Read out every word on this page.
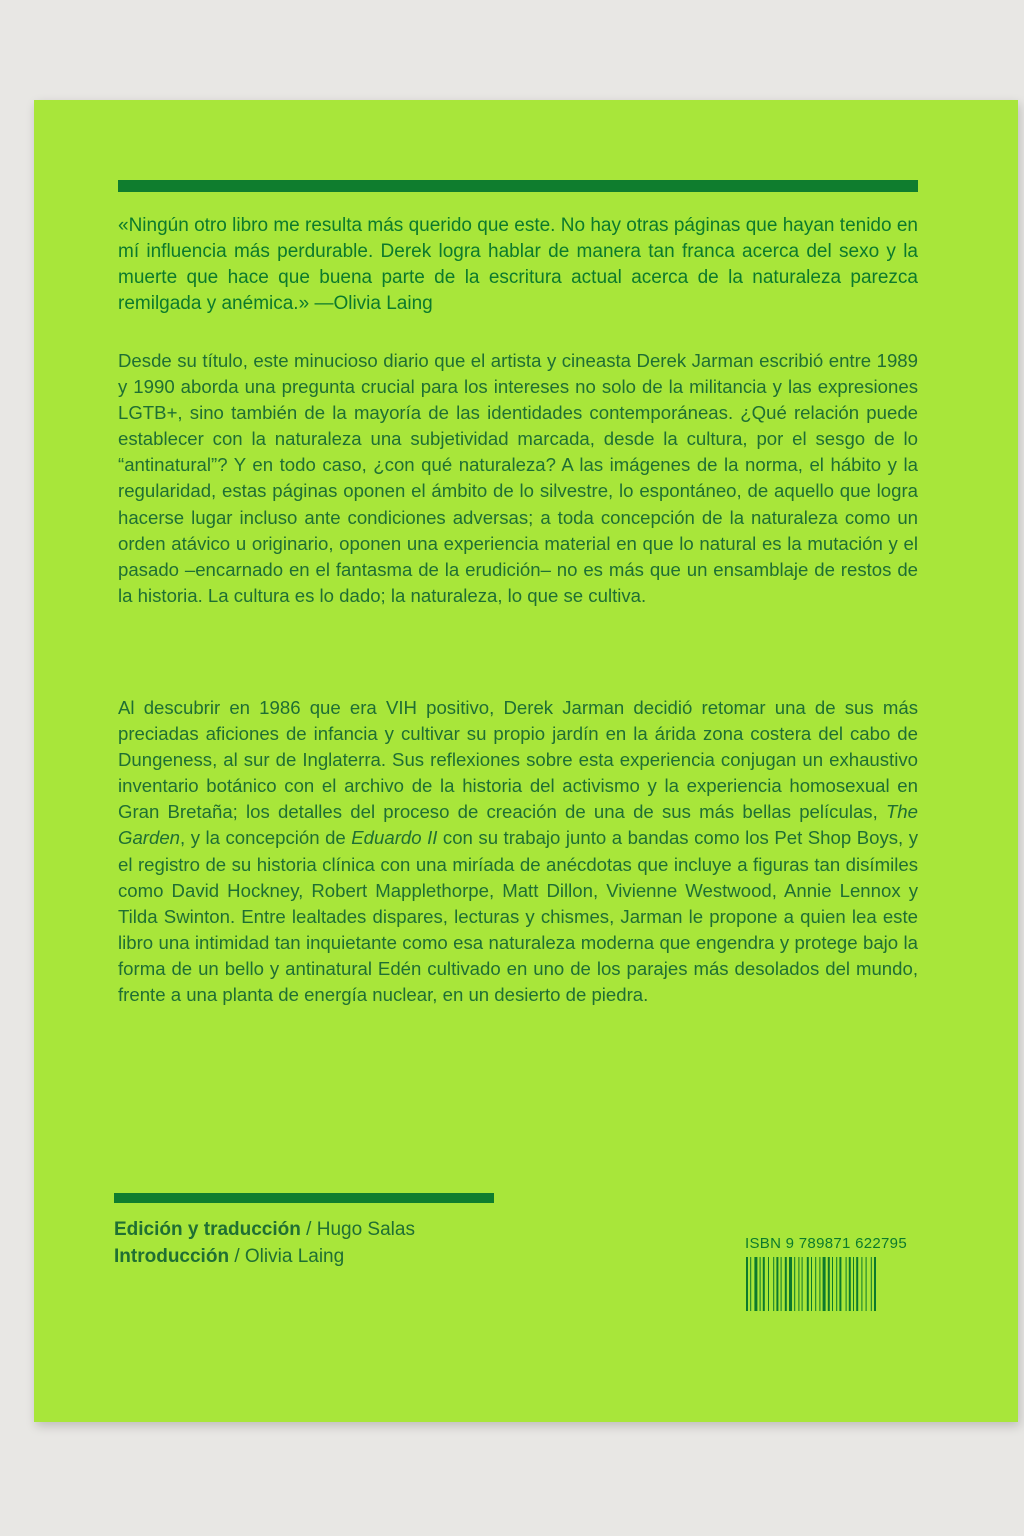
«Ningún otro libro me resulta más querido que este. No hay otras páginas que hayan tenido en mí influencia más perdurable. Derek logra hablar de manera tan franca acerca del sexo y la muerte que hace que buena parte de la escritura actual acerca de la naturaleza parezca remilgada y anémica.» —Olivia Laing

Desde su título, este minucioso diario que el artista y cineasta Derek Jarman escribió entre 1989 y 1990 aborda una pregunta crucial para los intereses no solo de la militancia y las expresiones LGTB+, sino también de la mayoría de las identidades contemporáneas. ¿Qué relación puede establecer con la naturaleza una subjetividad marcada, desde la cultura, por el sesgo de lo “antinatural”? Y en todo caso, ¿con qué naturaleza? A las imágenes de la norma, el hábito y la regularidad, estas páginas oponen el ámbito de lo silvestre, lo espontáneo, de aquello que logra hacerse lugar incluso ante condiciones adversas; a toda concepción de la naturaleza como un orden atávico u originario, oponen una experiencia material en que lo natural es la mutación y el pasado –encarnado en el fantasma de la erudición– no es más que un ensamblaje de restos de la historia. La cultura es lo dado; la naturaleza, lo que se cultiva.

Al descubrir en 1986 que era VIH positivo, Derek Jarman decidió retomar una de sus más preciadas aficiones de infancia y cultivar su propio jardín en la árida zona costera del cabo de Dungeness, al sur de Inglaterra. Sus reflexiones sobre esta experiencia conjugan un exhaustivo inventario botánico con el archivo de la historia del activismo y la experiencia homosexual en Gran Bretaña; los detalles del proceso de creación de una de sus más bellas películas, The Garden, y la concepción de Eduardo II con su trabajo junto a bandas como los Pet Shop Boys, y el registro de su historia clínica con una miríada de anécdotas que incluye a figuras tan disímiles como David Hockney, Robert Mapplethorpe, Matt Dillon, Vivienne Westwood, Annie Lennox y Tilda Swinton. Entre lealtades dispares, lecturas y chismes, Jarman le propone a quien lea este libro una intimidad tan inquietante como esa naturaleza moderna que engendra y protege bajo la forma de un bello y antinatural Edén cultivado en uno de los parajes más desolados del mundo, frente a una planta de energía nuclear, en un desierto de piedra.

Edición y traducción / Hugo Salas
Introducción / Olivia Laing
ISBN 9 789871 622795
